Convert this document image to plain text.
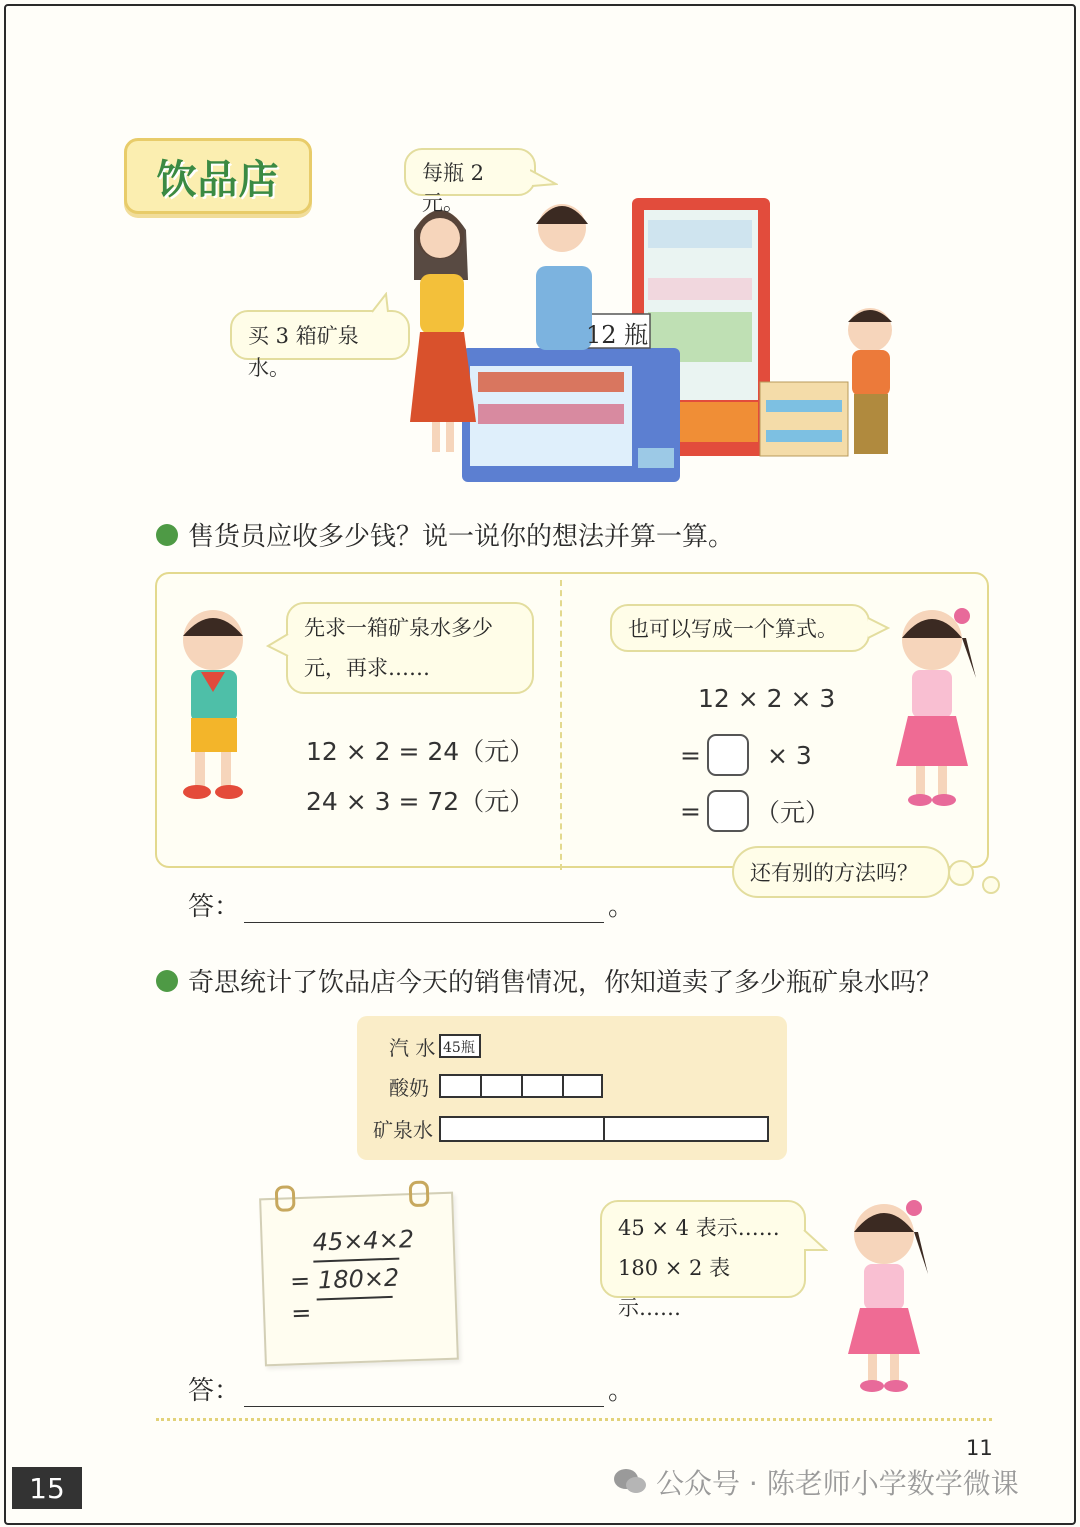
饮品店
12 瓶
每瓶 2 元。
买 3 箱矿泉水。
售货员应收多少钱？说一说你的想法并算一算。
先求一箱矿泉水多少元，再求……
12 × 2 = 24（元）
24 × 3 = 72（元）
也可以写成一个算式。
12 × 2 × 3
=	× 3
= （元）
还有别的方法吗？
答：	。
奇思统计了饮品店今天的销售情况，你知道卖了多少瓶矿泉水吗？
汽 水 45瓶
酸奶
矿泉水
45×4×2
= 180×2
=
45 × 4 表示……
180 × 2 表示……
答：	。
11
15	公众号 · 陈老师小学数学微课
